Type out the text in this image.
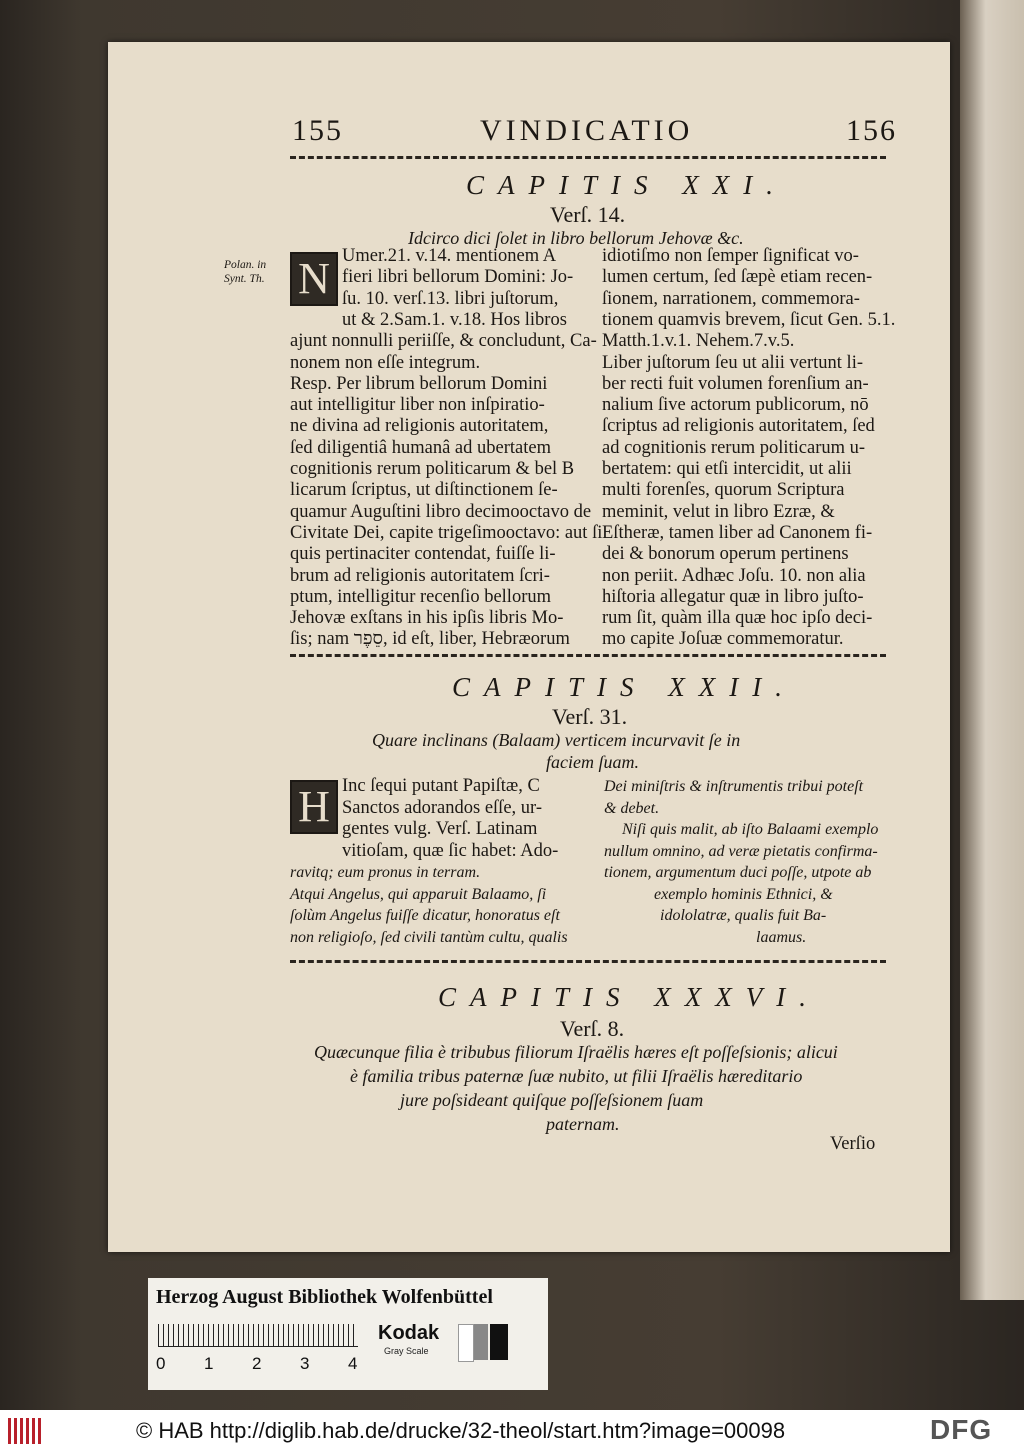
155	VINDICATIO	156
CAPITIS XXI.
Verſ. 14.
Idcirco dici ſolet in libro bellorum Jehovæ &c.
Polan. in
Synt. Th. N Umer.21. v.14. mentionem A
fieri libri bellorum Domini: Jo-
ſu. 10. verſ.13. libri juſtorum,
ut & 2.Sam.1. v.18. Hos libros
ajunt nonnulli periiſſe, & concludunt, Ca-
nonem non eſſe integrum.
Resp. Per librum bellorum Domini
aut intelligitur liber non inſpiratio-
ne divina ad religionis autoritatem,
ſed diligentiâ humanâ ad ubertatem
cognitionis rerum politicarum & bel B
licarum ſcriptus, ut diſtinctionem ſe-
quamur Auguſtini libro decimooctavo de
Civitate Dei, capite trigeſimooctavo: aut ſi
quis pertinaciter contendat, fuiſſe li-
brum ad religionis autoritatem ſcri-
ptum, intelligitur recenſio bellorum
Jehovæ exſtans in his ipſis libris Mo-
ſis; nam סֵפֶר, id eſt, liber, Hebræorum
idiotiſmo non ſemper ſignificat vo-
lumen certum, ſed ſæpè etiam recen-
ſionem, narrationem, commemora-
tionem quamvis brevem, ſicut Gen. 5.1.
Matth.1.v.1. Nehem.7.v.5.
Liber juſtorum ſeu ut alii vertunt li-
ber recti fuit volumen forenſium an-
nalium ſive actorum publicorum, nō
ſcriptus ad religionis autoritatem, ſed
ad cognitionis rerum politicarum u-
bertatem: qui etſi intercidit, ut alii
multi forenſes, quorum Scriptura
meminit, velut in libro Ezræ, &
Eſtheræ, tamen liber ad Canonem fi-
dei & bonorum operum pertinens
non periit. Adhæc Joſu. 10. non alia
hiſtoria allegatur quæ in libro juſto-
rum ſit, quàm illa quæ hoc ipſo deci-
mo capite Joſuæ commemoratur.
CAPITIS XXII.
Verſ. 31.
Quare inclinans (Balaam) verticem incurvavit ſe in
faciem ſuam.
H Inc ſequi putant Papiſtæ, C
Sanctos adorandos eſſe, ur-
gentes vulg. Verſ. Latinam
vitioſam, quæ ſic habet: Ado-
ravitq; eum pronus in terram.
Atqui Angelus, qui apparuit Balaamo, ſi
ſolùm Angelus fuiſſe dicatur, honoratus eſt
non religioſo, ſed civili tantùm cultu, qualis
Dei miniſtris & inſtrumentis tribui poteſt
& debet.
Niſi quis malit, ab iſto Balaami exemplo
nullum omnino, ad veræ pietatis confirma-
tionem, argumentum duci poſſe, utpote ab
exemplo hominis Ethnici, &
idololatræ, qualis fuit Ba-
laamus.
CAPITIS XXXVI.
Verſ. 8.
Quæcunque filia è tribubus filiorum Iſraëlis hæres eſt poſſeſsionis; alicui
è familia tribus paternæ ſuæ nubito, ut filii Iſraëlis hæreditario
jure poſsideant quiſque poſſeſsionem ſuam
paternam.
Verſio
Herzog August Bibliothek Wolfenbüttel
0 1 2 3 4
Kodak
Gray Scale
© HAB http://diglib.hab.de/drucke/32-theol/start.htm?image=00098	DFG
